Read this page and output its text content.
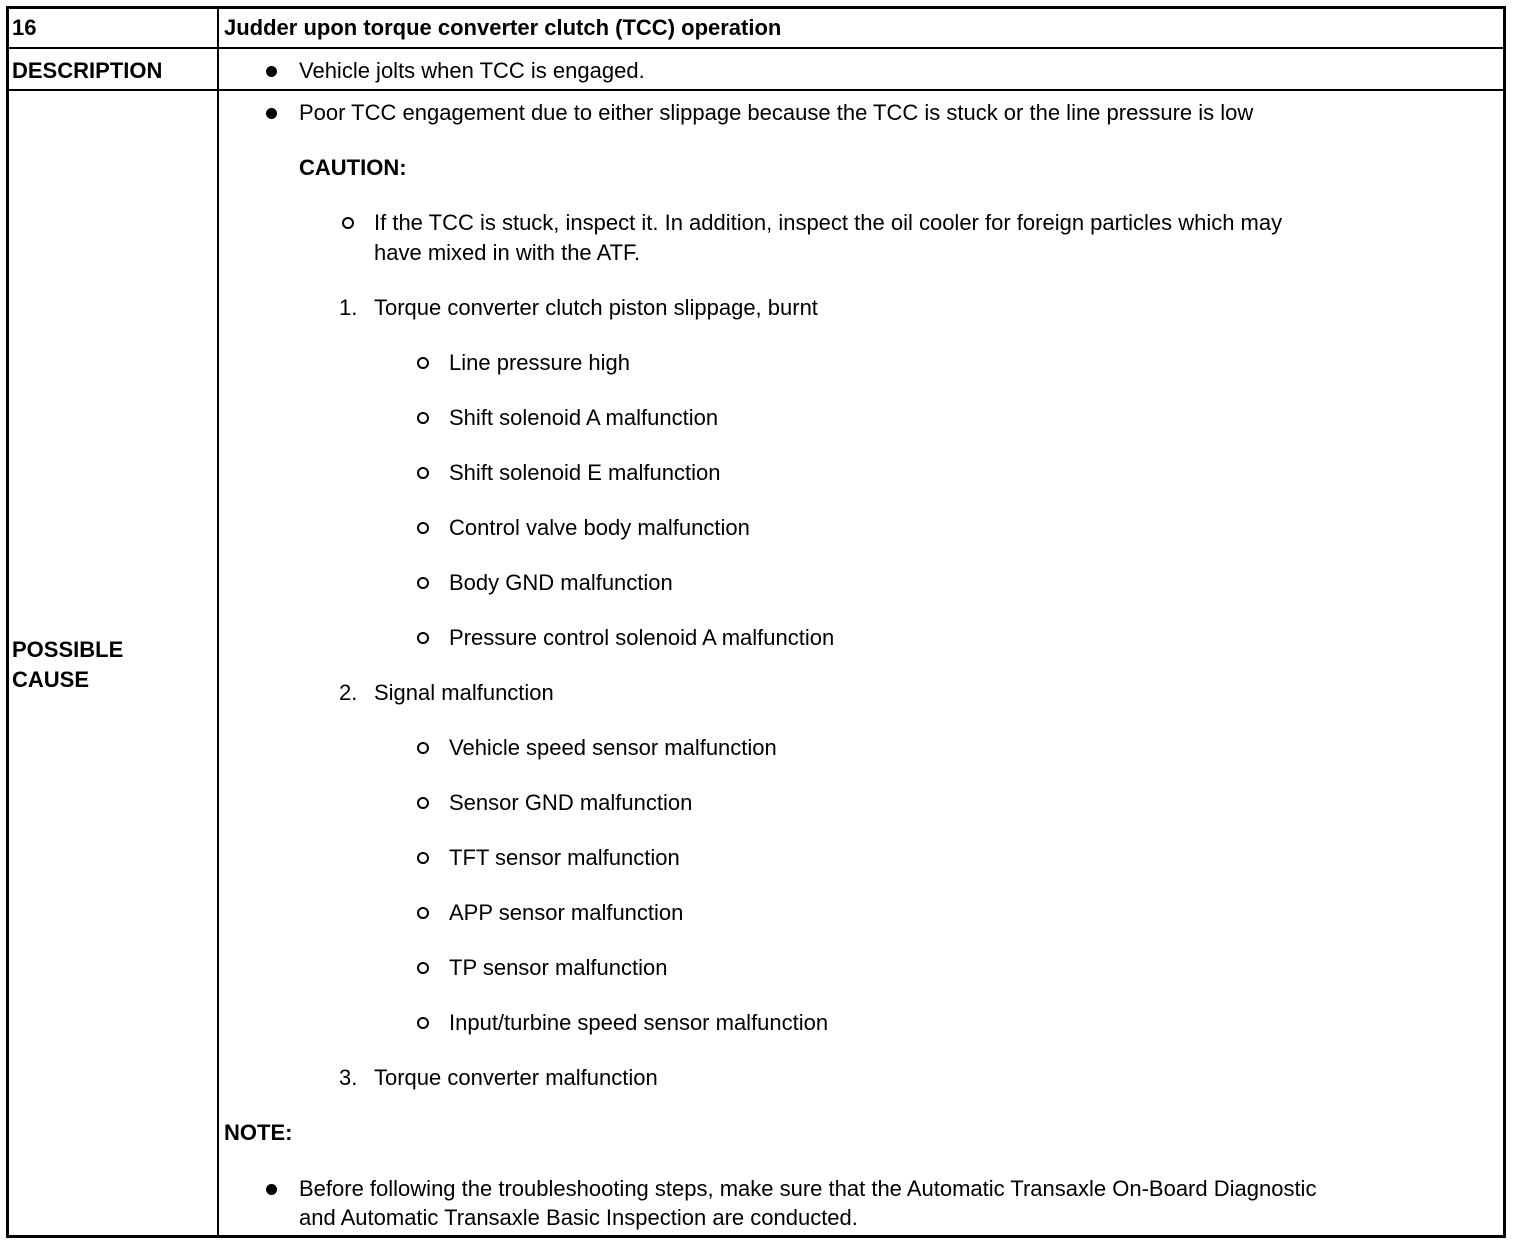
16	Judder upon torque converter clutch (TCC) operation
DESCRIPTION	Vehicle jolts when TCC is engaged.
POSSIBLE
CAUSE
Poor TCC engagement due to either slippage because the TCC is stuck or the line pressure is low
CAUTION:
If the TCC is stuck, inspect it. In addition, inspect the oil cooler for foreign particles which may
have mixed in with the ATF.
1. Torque converter clutch piston slippage, burnt
Line pressure high
Shift solenoid A malfunction
Shift solenoid E malfunction
Control valve body malfunction
Body GND malfunction
Pressure control solenoid A malfunction
2. Signal malfunction
Vehicle speed sensor malfunction
Sensor GND malfunction
TFT sensor malfunction
APP sensor malfunction
TP sensor malfunction
Input/turbine speed sensor malfunction
3. Torque converter malfunction
NOTE:
Before following the troubleshooting steps, make sure that the Automatic Transaxle On-Board Diagnostic
and Automatic Transaxle Basic Inspection are conducted.
